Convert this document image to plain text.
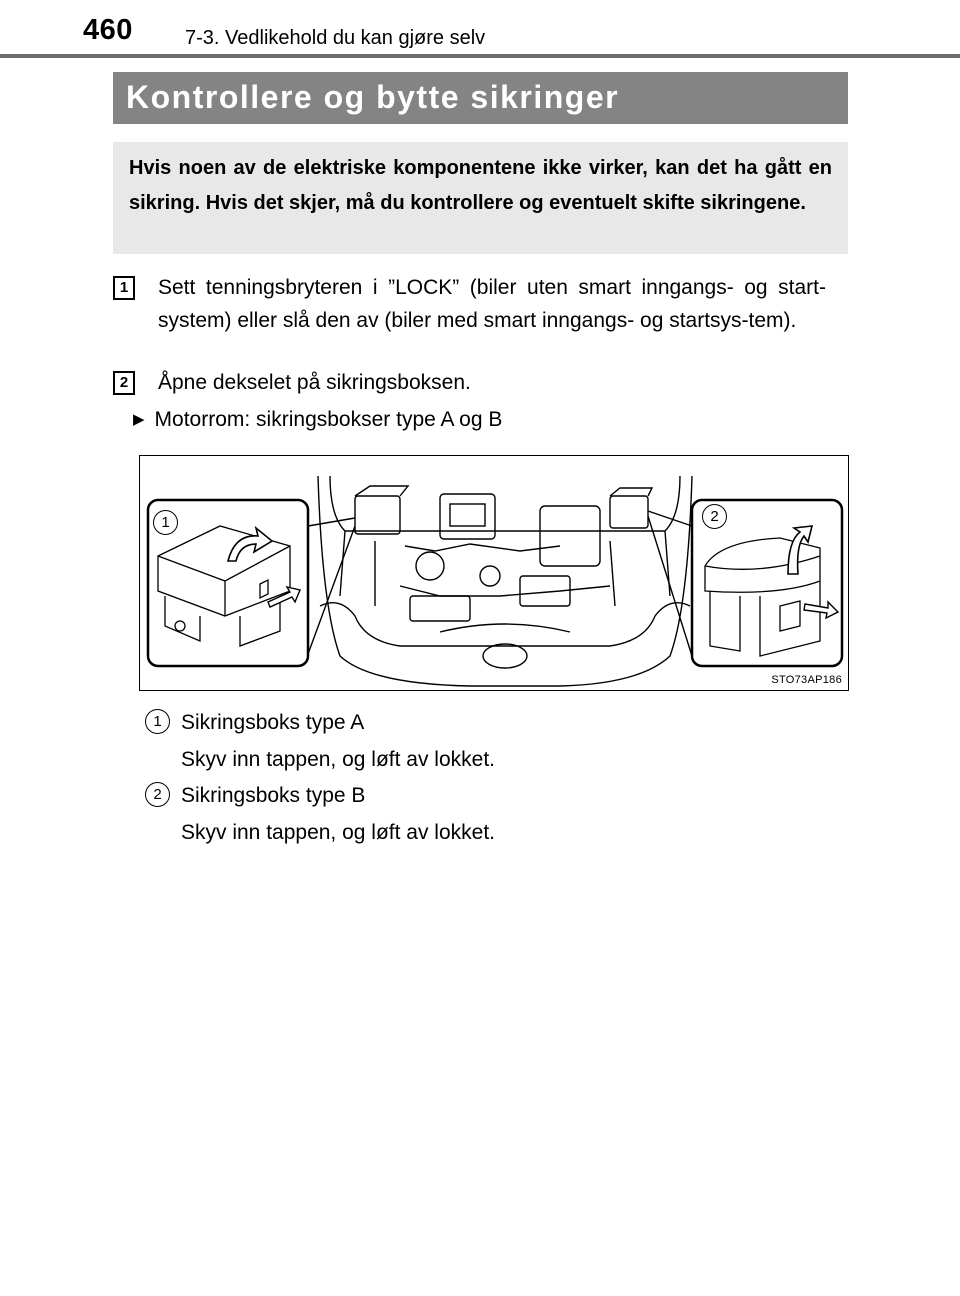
460	7-3. Vedlikehold du kan gjøre selv
Kontrollere og bytte sikringer

Hvis noen av de elektriske komponentene ikke virker, kan det ha gått en sikring. Hvis det skjer, må du kontrollere og eventuelt skifte sikringene.

1	Sett tenningsbryteren i ”LOCK” (biler uten smart inngangs- og start-system) eller slå den av (biler med smart inngangs- og startsys-tem).
2	Åpne dekselet på sikringsboksen.
▶ Motorrom: sikringsbokser type A og B
1	2
STO73AP186
1 Sikringsboks type A
Skyv inn tappen, og løft av lokket.
2 Sikringsboks type B
Skyv inn tappen, og løft av lokket.
